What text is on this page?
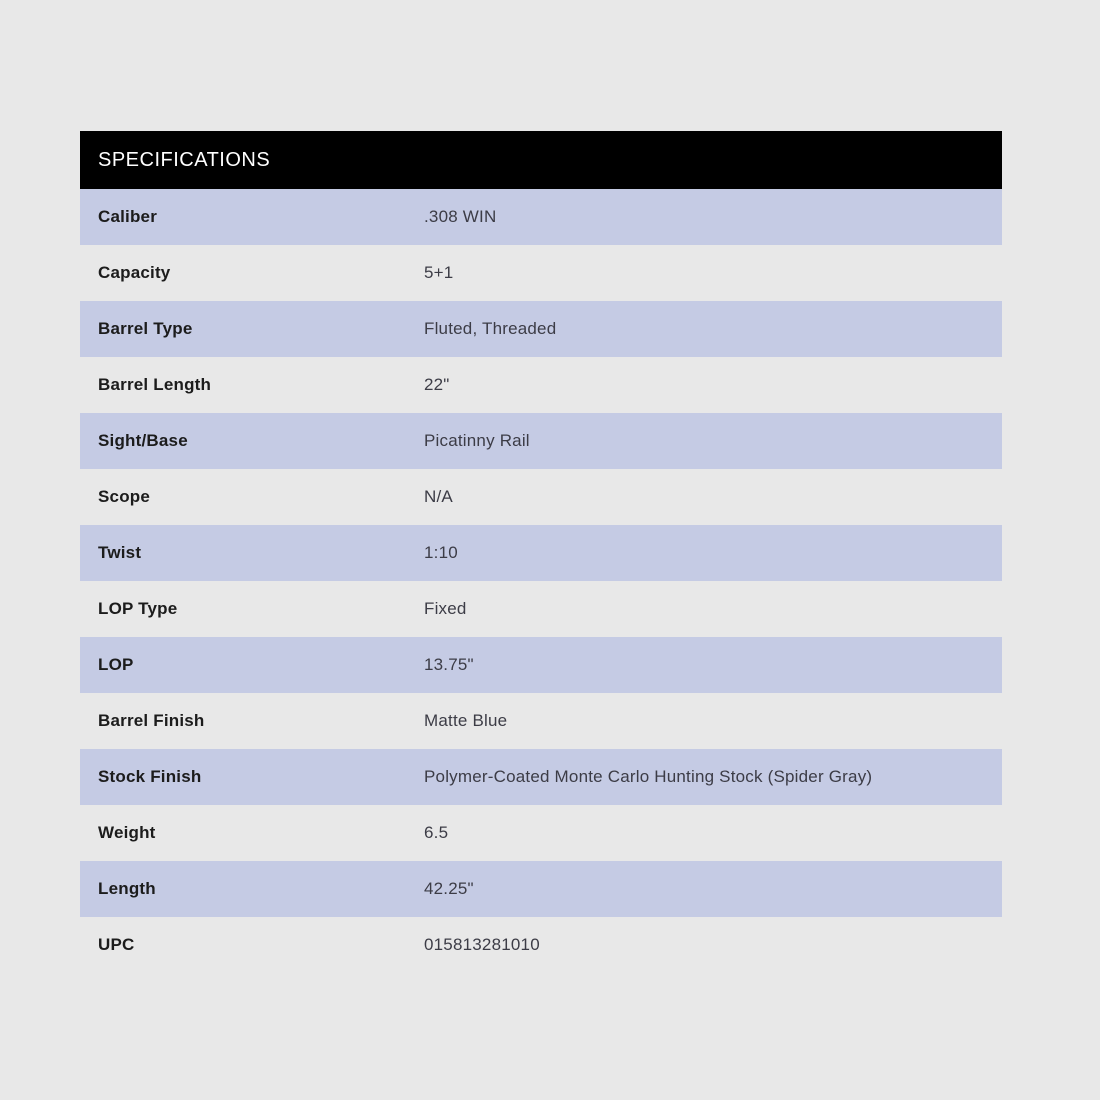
SPECIFICATIONS	
Caliber	.308 WIN
Capacity	5+1
Barrel Type	Fluted, Threaded
Barrel Length	22"
Sight/Base	Picatinny Rail
Scope	N/A
Twist	1:10
LOP Type	Fixed
LOP	13.75"
Barrel Finish	Matte Blue
Stock Finish	Polymer-Coated Monte Carlo Hunting Stock (Spider Gray)
Weight	6.5
Length	42.25"
UPC	015813281010
